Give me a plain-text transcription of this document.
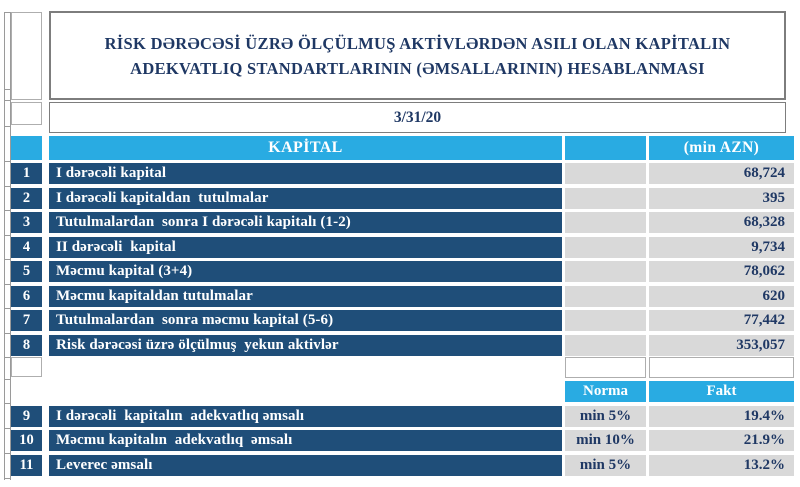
RİSK DƏRƏCƏSİ ÜZRƏ ÖLÇÜLMUŞ AKTİVLƏRDƏN ASILI OLAN KAPİTALIN
ADEKVATLIQ STANDARTLARININ (ƏMSALLARININ) HESABLANMASI
3/31/20
KAPİTAL	(min AZN)
1	I dərəcəli kapital	68,724
2	I dərəcəli kapitaldan  tutulmalar	395
3	Tutulmalardan  sonra I dərəcəli kapitalı (1-2)	68,328
4	II dərəcəli  kapital	9,734
5	Məcmu kapital (3+4)	78,062
6	Məcmu kapitaldan tutulmalar	620
7	Tutulmalardan  sonra məcmu kapital (5-6)	77,442
8	Risk dərəcəsi üzrə ölçülmuş  yekun aktivlər	353,057
Norma	Fakt
9	I dərəcəli  kapitalın  adekvatlıq əmsalı	min 5%	19.4%
10	Məcmu kapitalın  adekvatlıq  əmsalı	min 10%	21.9%
11	Leverec əmsalı	min 5%	13.2%
